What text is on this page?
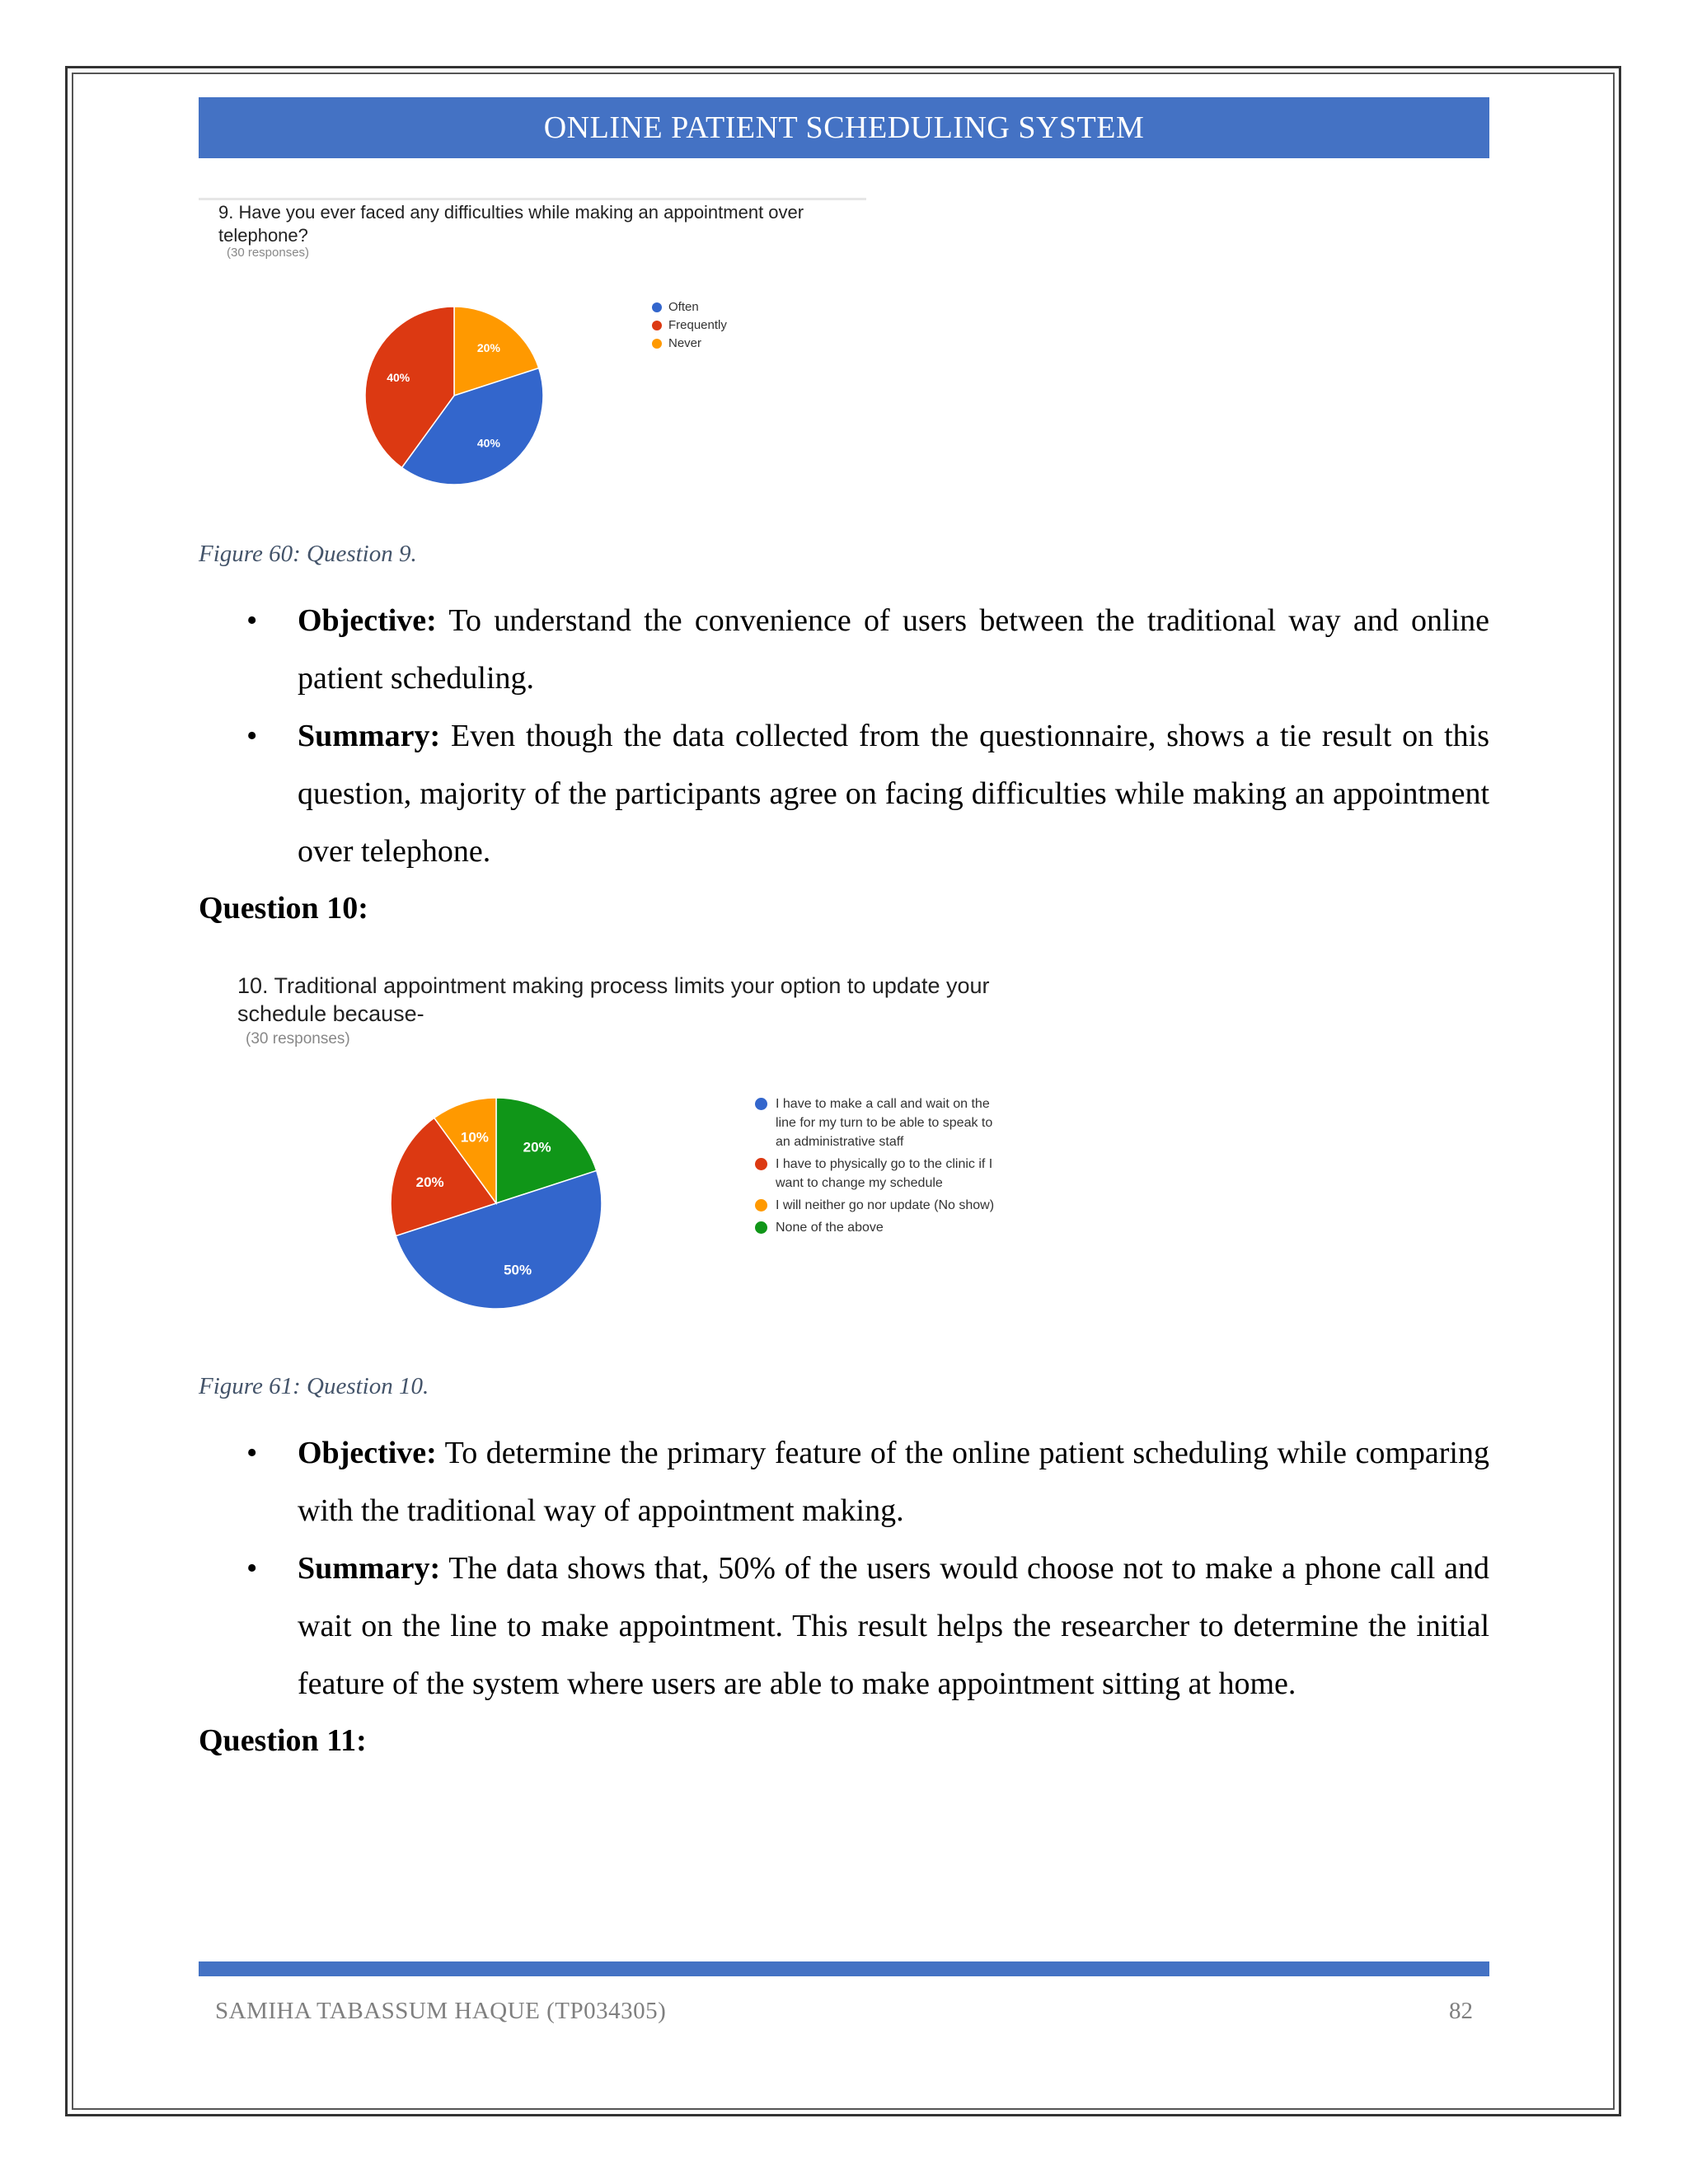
ONLINE PATIENT SCHEDULING SYSTEM
9. Have you ever faced any difficulties while making an appointment over
telephone?
(30 responses)
20%
40%
40%
Often
Frequently
Never
Figure 60: Question 9.
• Objective: To understand the convenience of users between the traditional way and online patient scheduling.
• Summary: Even though the data collected from the questionnaire, shows a tie result on this question, majority of the participants agree on facing difficulties while making an appointment over telephone.
Question 10:
10. Traditional appointment making process limits your option to update your
schedule because-
(30 responses)
20%
50%
20%
10%
I have to make a call and wait on the
line for my turn to be able to speak to
an administrative staff
I have to physically go to the clinic if I
want to change my schedule
I will neither go nor update (No show)
None of the above
Figure 61: Question 10.
• Objective: To determine the primary feature of the online patient scheduling while comparing with the traditional way of appointment making.
• Summary: The data shows that, 50% of the users would choose not to make a phone call and wait on the line to make appointment. This result helps the researcher to determine the initial feature of the system where users are able to make appointment sitting at home.
Question 11:
SAMIHA TABASSUM HAQUE (TP034305)	82
